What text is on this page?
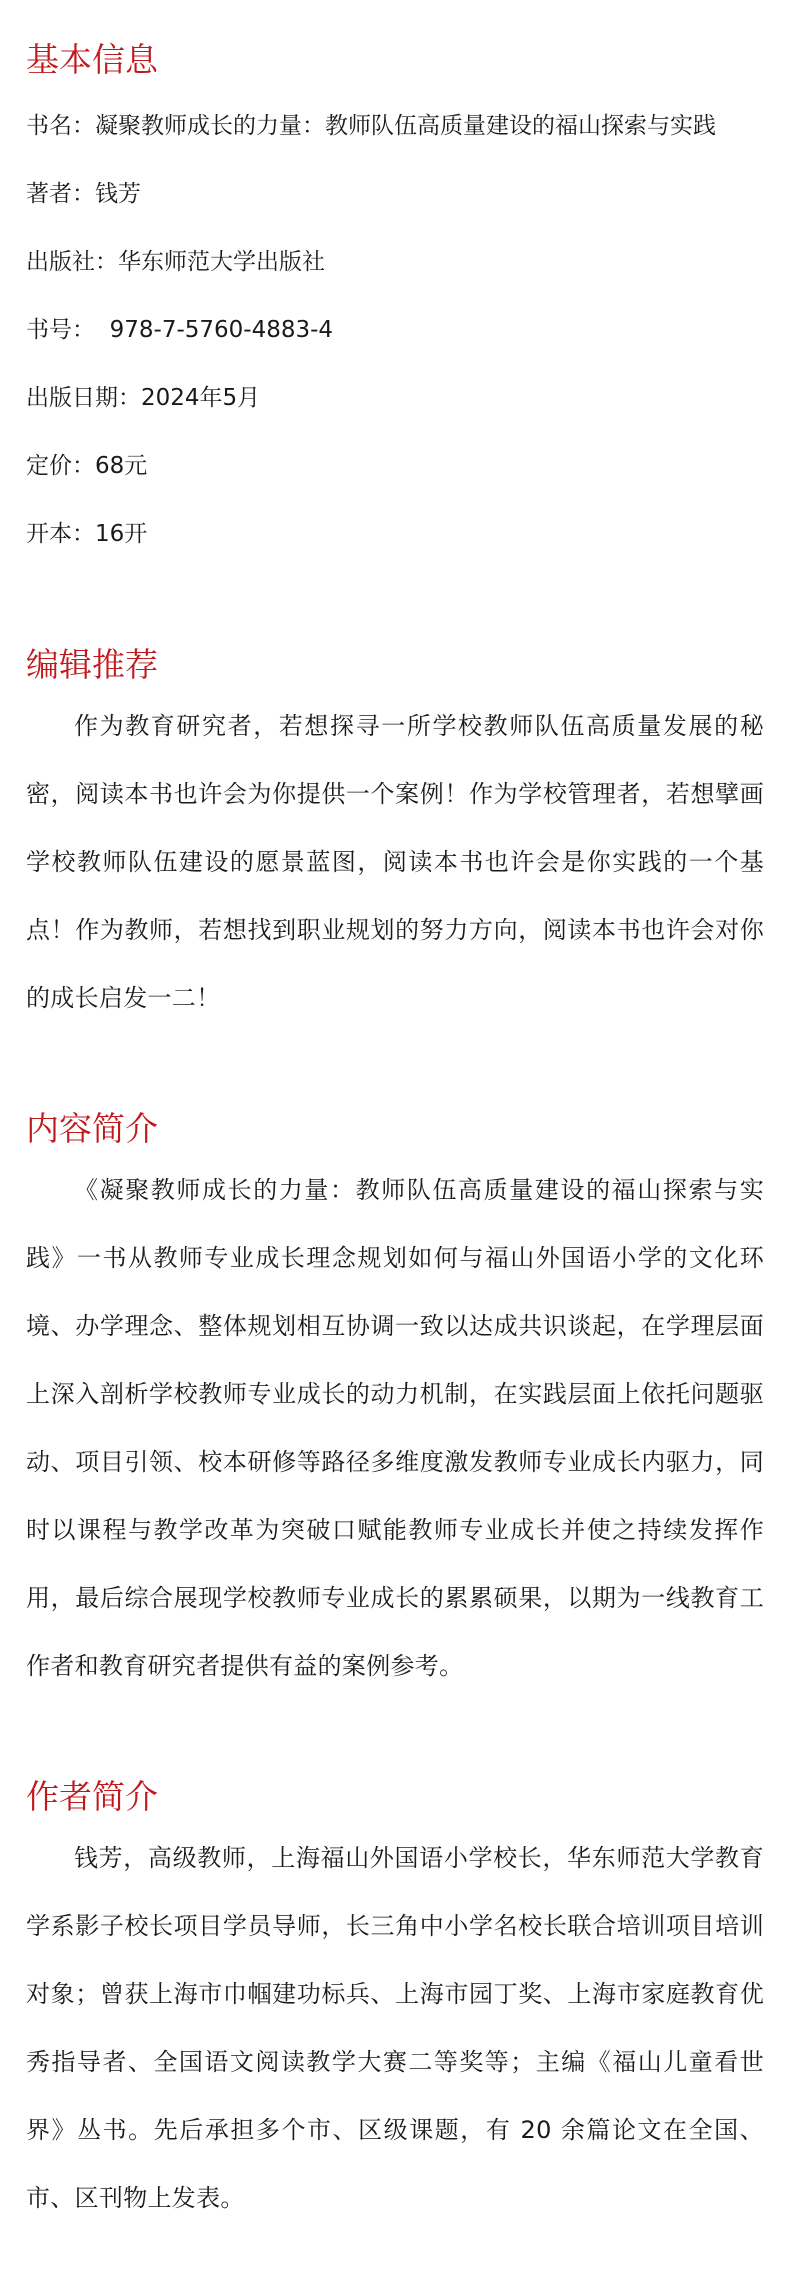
基本信息

书名：凝聚教师成长的力量：教师队伍高质量建设的福山探索与实践

著者：钱芳

出版社：华东师范大学出版社

书号：  978-7-5760-4883-4

出版日期：2024年5月

定价：68元

开本：16开

编辑推荐

作为教育研究者，若想探寻一所学校教师队伍高质量发展的秘密，阅读本书也许会为你提供一个案例！作为学校管理者，若想擘画学校教师队伍建设的愿景蓝图，阅读本书也许会是你实践的一个基点！作为教师，若想找到职业规划的努力方向，阅读本书也许会对你的成长启发一二！

内容简介

《凝聚教师成长的力量：教师队伍高质量建设的福山探索与实践》一书从教师专业成长理念规划如何与福山外国语小学的文化环境、办学理念、整体规划相互协调一致以达成共识谈起，在学理层面上深入剖析学校教师专业成长的动力机制，在实践层面上依托问题驱动、项目引领、校本研修等路径多维度激发教师专业成长内驱力，同时以课程与教学改革为突破口赋能教师专业成长并使之持续发挥作用，最后综合展现学校教师专业成长的累累硕果，以期为一线教育工作者和教育研究者提供有益的案例参考。

作者简介

钱芳，高级教师，上海福山外国语小学校长，华东师范大学教育学系影子校长项目学员导师，长三角中小学名校长联合培训项目培训对象；曾获上海市巾帼建功标兵、上海市园丁奖、上海市家庭教育优秀指导者、全国语文阅读教学大赛二等奖等；主编《福山儿童看世界》丛书。先后承担多个市、区级课题，有 20 余篇论文在全国、市、区刊物上发表。
